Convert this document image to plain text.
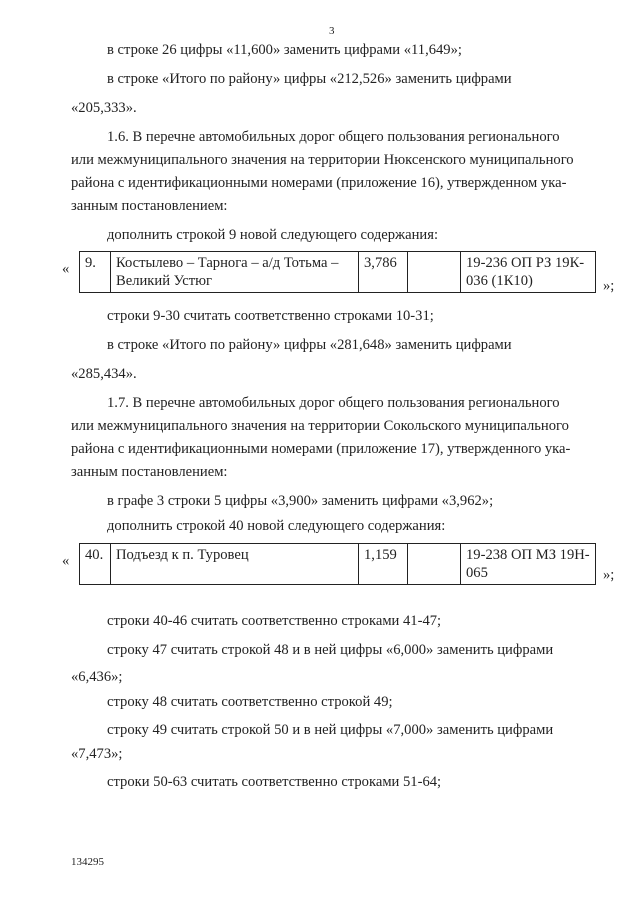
3
в строке 26 цифры «11,600» заменить цифрами «11,649»;
в строке «Итого по району» цифры «212,526» заменить цифрами
«205,333».
1.6. В перечне автомобильных дорог общего пользования регионального
или межмуниципального значения на территории Нюксенского муниципального
района с идентификационными номерами (приложение 16), утвержденном ука-
занным постановлением:
дополнить строкой 9 новой следующего содержания:
« 9.	Костылево – Тарнога – а/д Тотьма –
Великий Устюг	3,786		19-236 ОП РЗ 19К-
036 (1К10)	»;
строки 9-30 считать соответственно строками 10-31;
в строке «Итого по району» цифры «281,648» заменить цифрами
«285,434».
1.7. В перечне автомобильных дорог общего пользования регионального
или межмуниципального значения на территории Сокольского муниципального
района с идентификационными номерами (приложение 17), утвержденного ука-
занным постановлением:
в графе 3 строки 5 цифры «3,900» заменить цифрами «3,962»;
дополнить строкой 40 новой следующего содержания:
« 40.	Подъезд к п. Туровец	1,159		19-238 ОП МЗ 19Н-
065	»;
строки 40-46 считать соответственно строками 41-47;
строку 47 считать строкой 48 и в ней цифры «6,000» заменить цифрами
«6,436»;
строку 48 считать соответственно строкой 49;
строку 49 считать строкой 50 и в ней цифры «7,000» заменить цифрами
«7,473»;
строки 50-63 считать соответственно строками 51-64;
134295
